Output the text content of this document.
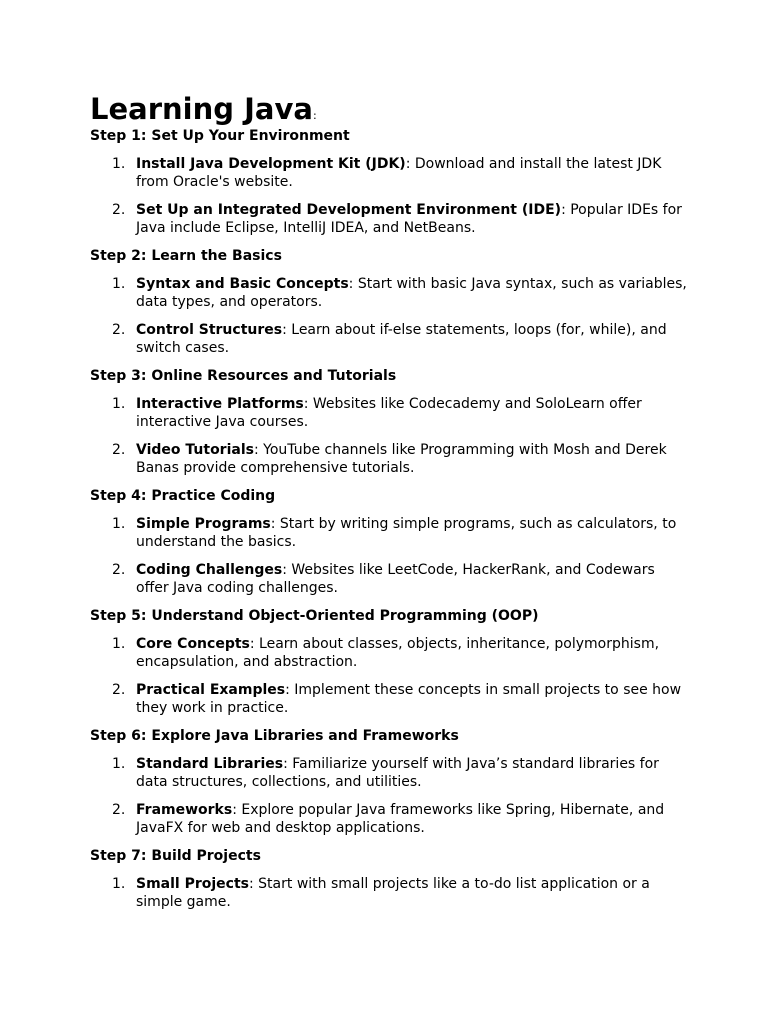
Learning Java:

Step 1: Set Up Your Environment

1. Install Java Development Kit (JDK): Download and install the latest JDK from Oracle's website.
2. Set Up an Integrated Development Environment (IDE): Popular IDEs for Java include Eclipse, IntelliJ IDEA, and NetBeans.

Step 2: Learn the Basics

1. Syntax and Basic Concepts: Start with basic Java syntax, such as variables, data types, and operators.
2. Control Structures: Learn about if-else statements, loops (for, while), and switch cases.

Step 3: Online Resources and Tutorials

1. Interactive Platforms: Websites like Codecademy and SoloLearn offer interactive Java courses.
2. Video Tutorials: YouTube channels like Programming with Mosh and Derek Banas provide comprehensive tutorials.

Step 4: Practice Coding

1. Simple Programs: Start by writing simple programs, such as calculators, to understand the basics.
2. Coding Challenges: Websites like LeetCode, HackerRank, and Codewars offer Java coding challenges.

Step 5: Understand Object-Oriented Programming (OOP)

1. Core Concepts: Learn about classes, objects, inheritance, polymorphism, encapsulation, and abstraction.
2. Practical Examples: Implement these concepts in small projects to see how they work in practice.

Step 6: Explore Java Libraries and Frameworks

1. Standard Libraries: Familiarize yourself with Java’s standard libraries for data structures, collections, and utilities.
2. Frameworks: Explore popular Java frameworks like Spring, Hibernate, and JavaFX for web and desktop applications.

Step 7: Build Projects

1. Small Projects: Start with small projects like a to-do list application or a simple game.
